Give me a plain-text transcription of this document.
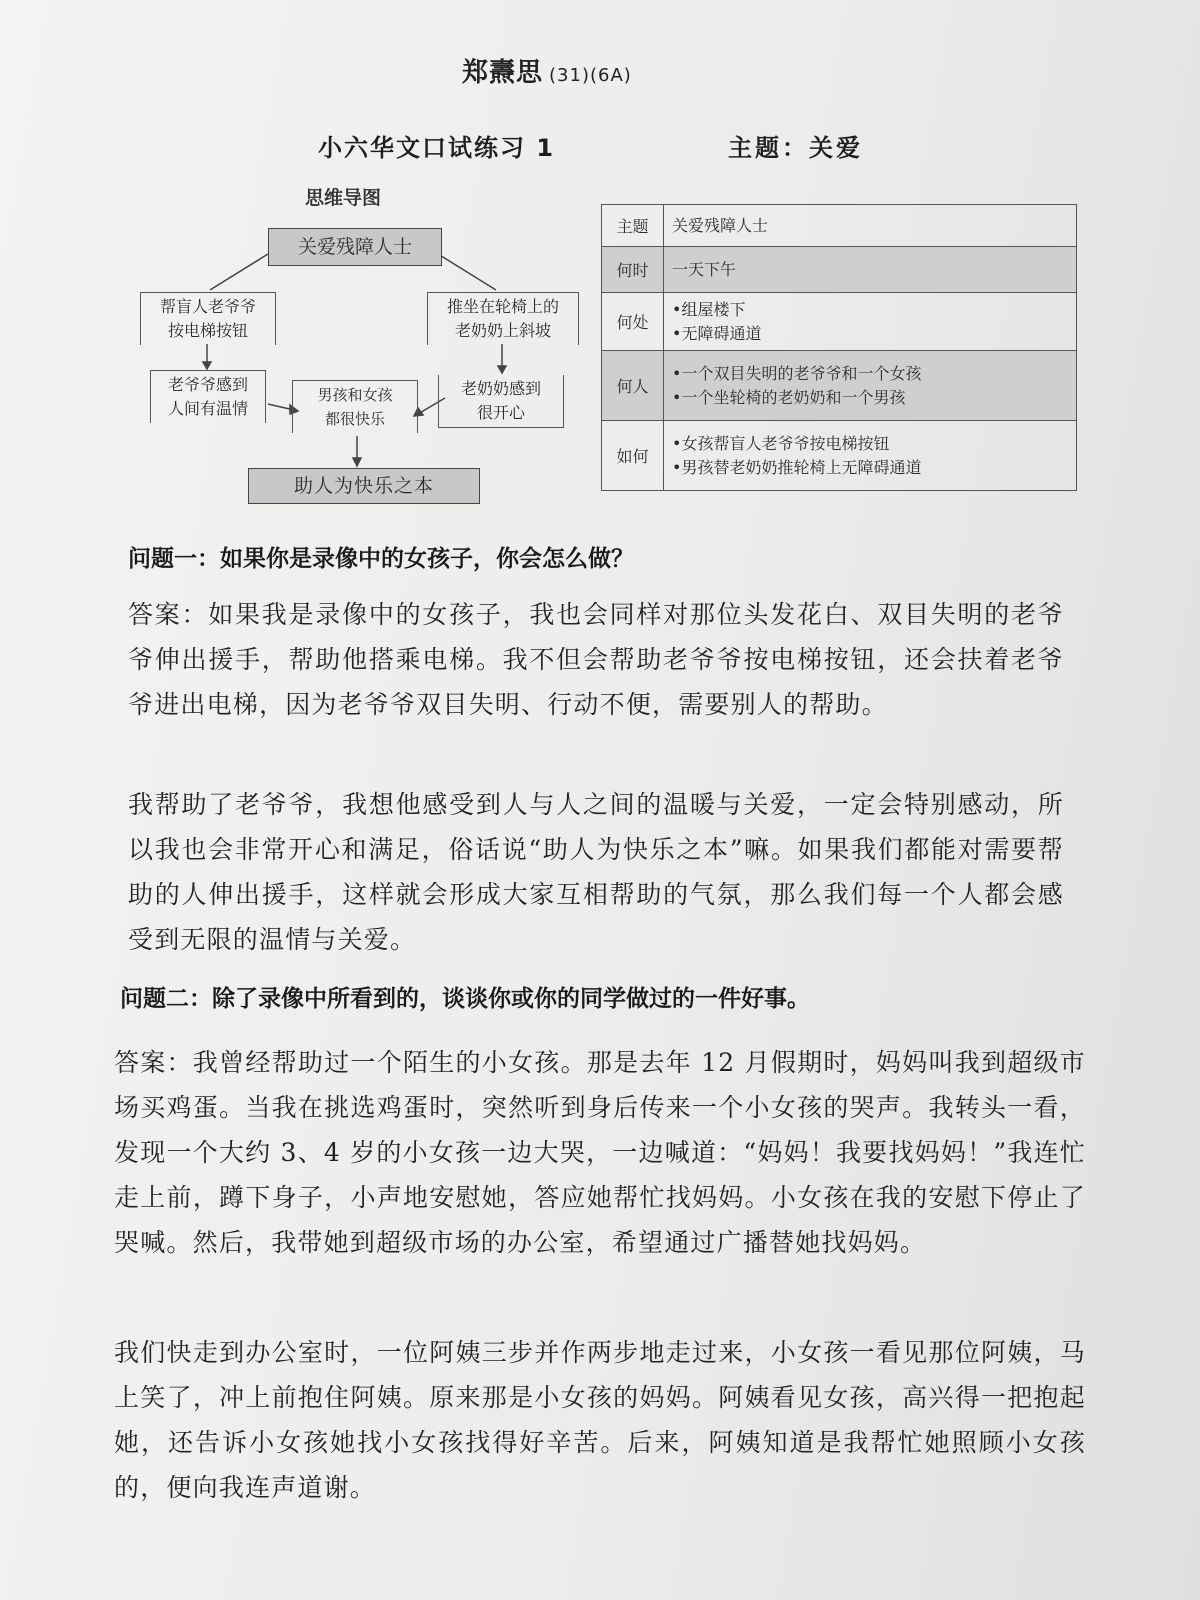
郑燾思 (31)(6A)
小六华文口试练习 1	主题：关爱
思维导图
关爱残障人士
帮盲人老爷爷
按电梯按钮
推坐在轮椅上的
老奶奶上斜坡
老爷爷感到
人间有温情
男孩和女孩
都很快乐
老奶奶感到
很开心
助人为快乐之本
主题	关爱残障人士

何时	一天下午

何处	•组屋楼下
•无障碍通道

何人	•一个双目失明的老爷爷和一个女孩
•一个坐轮椅的老奶奶和一个男孩

如何	•女孩帮盲人老爷爷按电梯按钮
•男孩替老奶奶推轮椅上无障碍通道
问题一：如果你是录像中的女孩子，你会怎么做？
答案：如果我是录像中的女孩子，我也会同样对那位头发花白、双目失明的老爷爷伸出援手，帮助他搭乘电梯。我不但会帮助老爷爷按电梯按钮，还会扶着老爷爷进出电梯，因为老爷爷双目失明、行动不便，需要别人的帮助。
我帮助了老爷爷，我想他感受到人与人之间的温暖与关爱，一定会特别感动，所以我也会非常开心和满足，俗话说“助人为快乐之本”嘛。如果我们都能对需要帮助的人伸出援手，这样就会形成大家互相帮助的气氛，那么我们每一个人都会感受到无限的温情与关爱。
问题二：除了录像中所看到的，谈谈你或你的同学做过的一件好事。
答案：我曾经帮助过一个陌生的小女孩。那是去年 12 月假期时，妈妈叫我到超级市场买鸡蛋。当我在挑选鸡蛋时，突然听到身后传来一个小女孩的哭声。我转头一看，发现一个大约 3、4 岁的小女孩一边大哭，一边喊道：“妈妈！我要找妈妈！”我连忙走上前，蹲下身子，小声地安慰她，答应她帮忙找妈妈。小女孩在我的安慰下停止了哭喊。然后，我带她到超级市场的办公室，希望通过广播替她找妈妈。
我们快走到办公室时，一位阿姨三步并作两步地走过来，小女孩一看见那位阿姨，马上笑了，冲上前抱住阿姨。原来那是小女孩的妈妈。阿姨看见女孩，高兴得一把抱起她，还告诉小女孩她找小女孩找得好辛苦。后来，阿姨知道是我帮忙她照顾小女孩的，便向我连声道谢。
